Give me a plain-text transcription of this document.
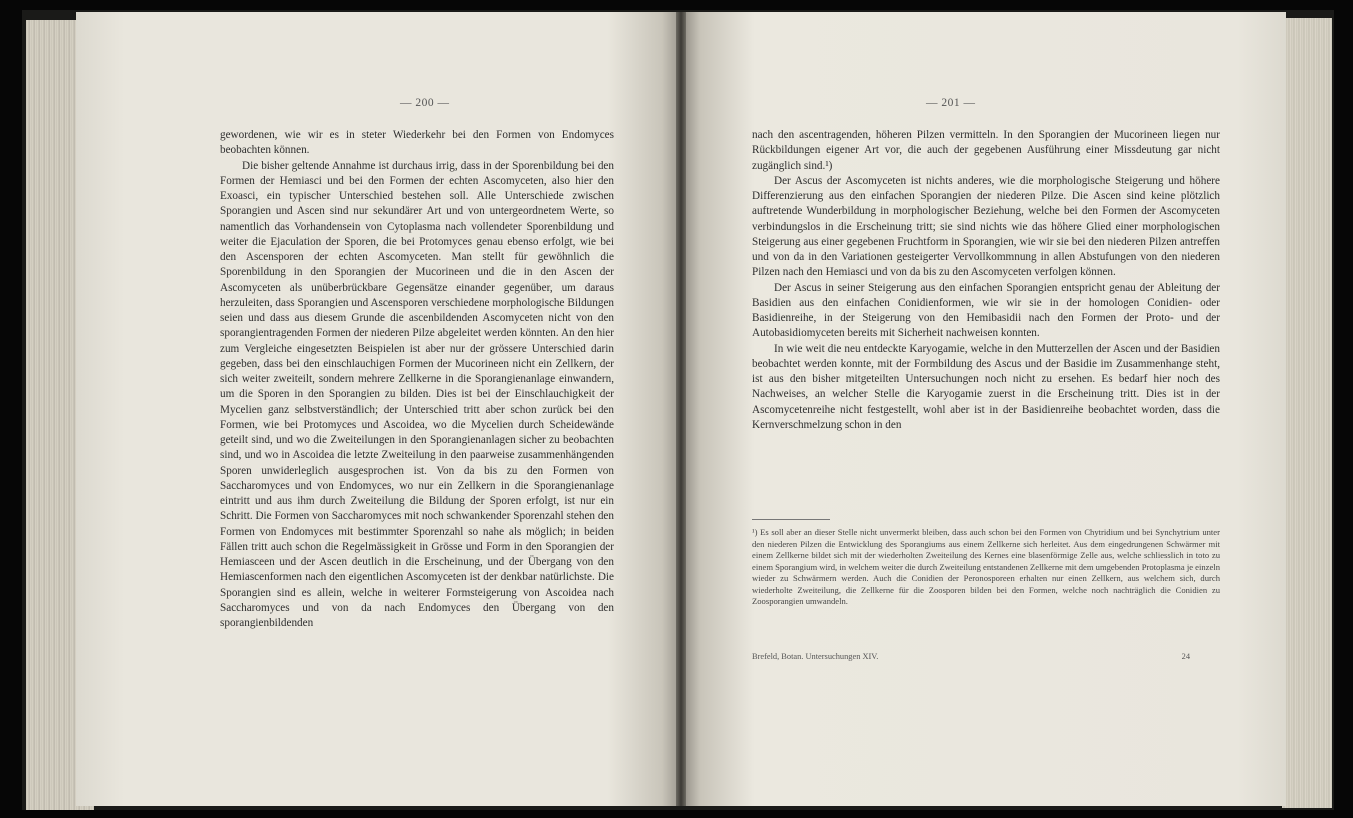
— 200 —	— 201 —

gewordenen, wie wir es in steter Wiederkehr bei den Formen von Endomyces beobachten können.

Die bisher geltende Annahme ist durchaus irrig, dass in der Sporenbildung bei den Formen der Hemiasci und bei den Formen der echten Ascomyceten, also hier den Exoasci, ein typischer Unterschied bestehen soll. Alle Unterschiede zwischen Sporangien und Ascen sind nur sekundärer Art und von untergeordnetem Werte, so namentlich das Vorhandensein von Cytoplasma nach vollendeter Sporenbildung und weiter die Ejaculation der Sporen, die bei Protomyces genau ebenso erfolgt, wie bei den Ascensporen der echten Ascomyceten. Man stellt für gewöhnlich die Sporenbildung in den Sporangien der Mucorineen und die in den Ascen der Ascomyceten als unüberbrückbare Gegensätze einander gegenüber, um daraus herzuleiten, dass Sporangien und Ascensporen verschiedene morphologische Bildungen seien und dass aus diesem Grunde die ascenbildenden Ascomyceten nicht von den sporangientragenden Formen der niederen Pilze abgeleitet werden könnten. An den hier zum Vergleiche eingesetzten Beispielen ist aber nur der grössere Unterschied darin gegeben, dass bei den einschlauchigen Formen der Mucorineen nicht ein Zellkern, der sich weiter zweiteilt, sondern mehrere Zellkerne in die Sporangienanlage einwandern, um die Sporen in den Sporangien zu bilden. Dies ist bei der Einschlauchigkeit der Mycelien ganz selbstverständlich; der Unterschied tritt aber schon zurück bei den Formen, wie bei Protomyces und Ascoidea, wo die Mycelien durch Scheidewände geteilt sind, und wo die Zweiteilungen in den Sporangienanlagen sicher zu beobachten sind, und wo in Ascoidea die letzte Zweiteilung in den paarweise zusammenhängenden Sporen unwiderleglich ausgesprochen ist. Von da bis zu den Formen von Saccharomyces und von Endomyces, wo nur ein Zellkern in die Sporangienanlage eintritt und aus ihm durch Zweiteilung die Bildung der Sporen erfolgt, ist nur ein Schritt. Die Formen von Saccharomyces mit noch schwankender Sporenzahl stehen den Formen von Endomyces mit bestimmter Sporenzahl so nahe als möglich; in beiden Fällen tritt auch schon die Regelmässigkeit in Grösse und Form in den Sporangien der Hemiasceen und der Ascen deutlich in die Erscheinung, und der Übergang von den Hemiascenformen nach den eigentlichen Ascomyceten ist der denkbar natürlichste. Die Sporangien sind es allein, welche in weiterer Formsteigerung von Ascoidea nach Saccharomyces und von da nach Endomyces den Übergang von den sporangienbildenden

nach den ascentragenden, höheren Pilzen vermitteln. In den Sporangien der Mucorineen liegen nur Rückbildungen eigener Art vor, die auch der gegebenen Ausführung einer Missdeutung gar nicht zugänglich sind.¹)

Der Ascus der Ascomyceten ist nichts anderes, wie die morphologische Steigerung und höhere Differenzierung aus den einfachen Sporangien der niederen Pilze. Die Ascen sind keine plötzlich auftretende Wunderbildung in morphologischer Beziehung, welche bei den Formen der Ascomyceten verbindungslos in die Erscheinung tritt; sie sind nichts wie das höhere Glied einer morphologischen Steigerung aus einer gegebenen Fruchtform in Sporangien, wie wir sie bei den niederen Pilzen antreffen und von da in den Variationen gesteigerter Vervollkommnung in allen Abstufungen von den niederen Pilzen nach den Hemiasci und von da bis zu den Ascomyceten verfolgen können.

Der Ascus in seiner Steigerung aus den einfachen Sporangien entspricht genau der Ableitung der Basidien aus den einfachen Conidienformen, wie wir sie in der homologen Conidien- oder Basidienreihe, in der Steigerung von den Hemibasidii nach den Formen der Proto- und der Autobasidiomyceten bereits mit Sicherheit nachweisen konnten.

In wie weit die neu entdeckte Karyogamie, welche in den Mutterzellen der Ascen und der Basidien beobachtet werden konnte, mit der Formbildung des Ascus und der Basidie im Zusammenhange steht, ist aus den bisher mitgeteilten Untersuchungen noch nicht zu ersehen. Es bedarf hier noch des Nachweises, an welcher Stelle die Karyogamie zuerst in die Erscheinung tritt. Dies ist in der Ascomycetenreihe nicht festgestellt, wohl aber ist in der Basidienreihe beobachtet worden, dass die Kernverschmelzung schon in den

¹) Es soll aber an dieser Stelle nicht unvermerkt bleiben, dass auch schon bei den Formen von Chytridium und bei Synchytrium unter den niederen Pilzen die Entwicklung des Sporangiums aus einem Zellkerne sich herleitet. Aus dem eingedrungenen Schwärmer mit einem Zellkerne bildet sich mit der wiederholten Zweiteilung des Kernes eine blasenförmige Zelle aus, welche schliesslich in toto zu einem Sporangium wird, in welchem weiter die durch Zweiteilung entstandenen Zellkerne mit dem umgebenden Protoplasma je einzeln wieder zu Schwärmern werden. Auch die Conidien der Peronosporeen erhalten nur einen Zellkern, aus welchem sich, durch wiederholte Zweiteilung, die Zellkerne für die Zoosporen bilden bei den Formen, welche noch nachträglich die Conidien zu Zoosporangien umwandeln.
Brefeld, Botan. Untersuchungen XIV.	24
